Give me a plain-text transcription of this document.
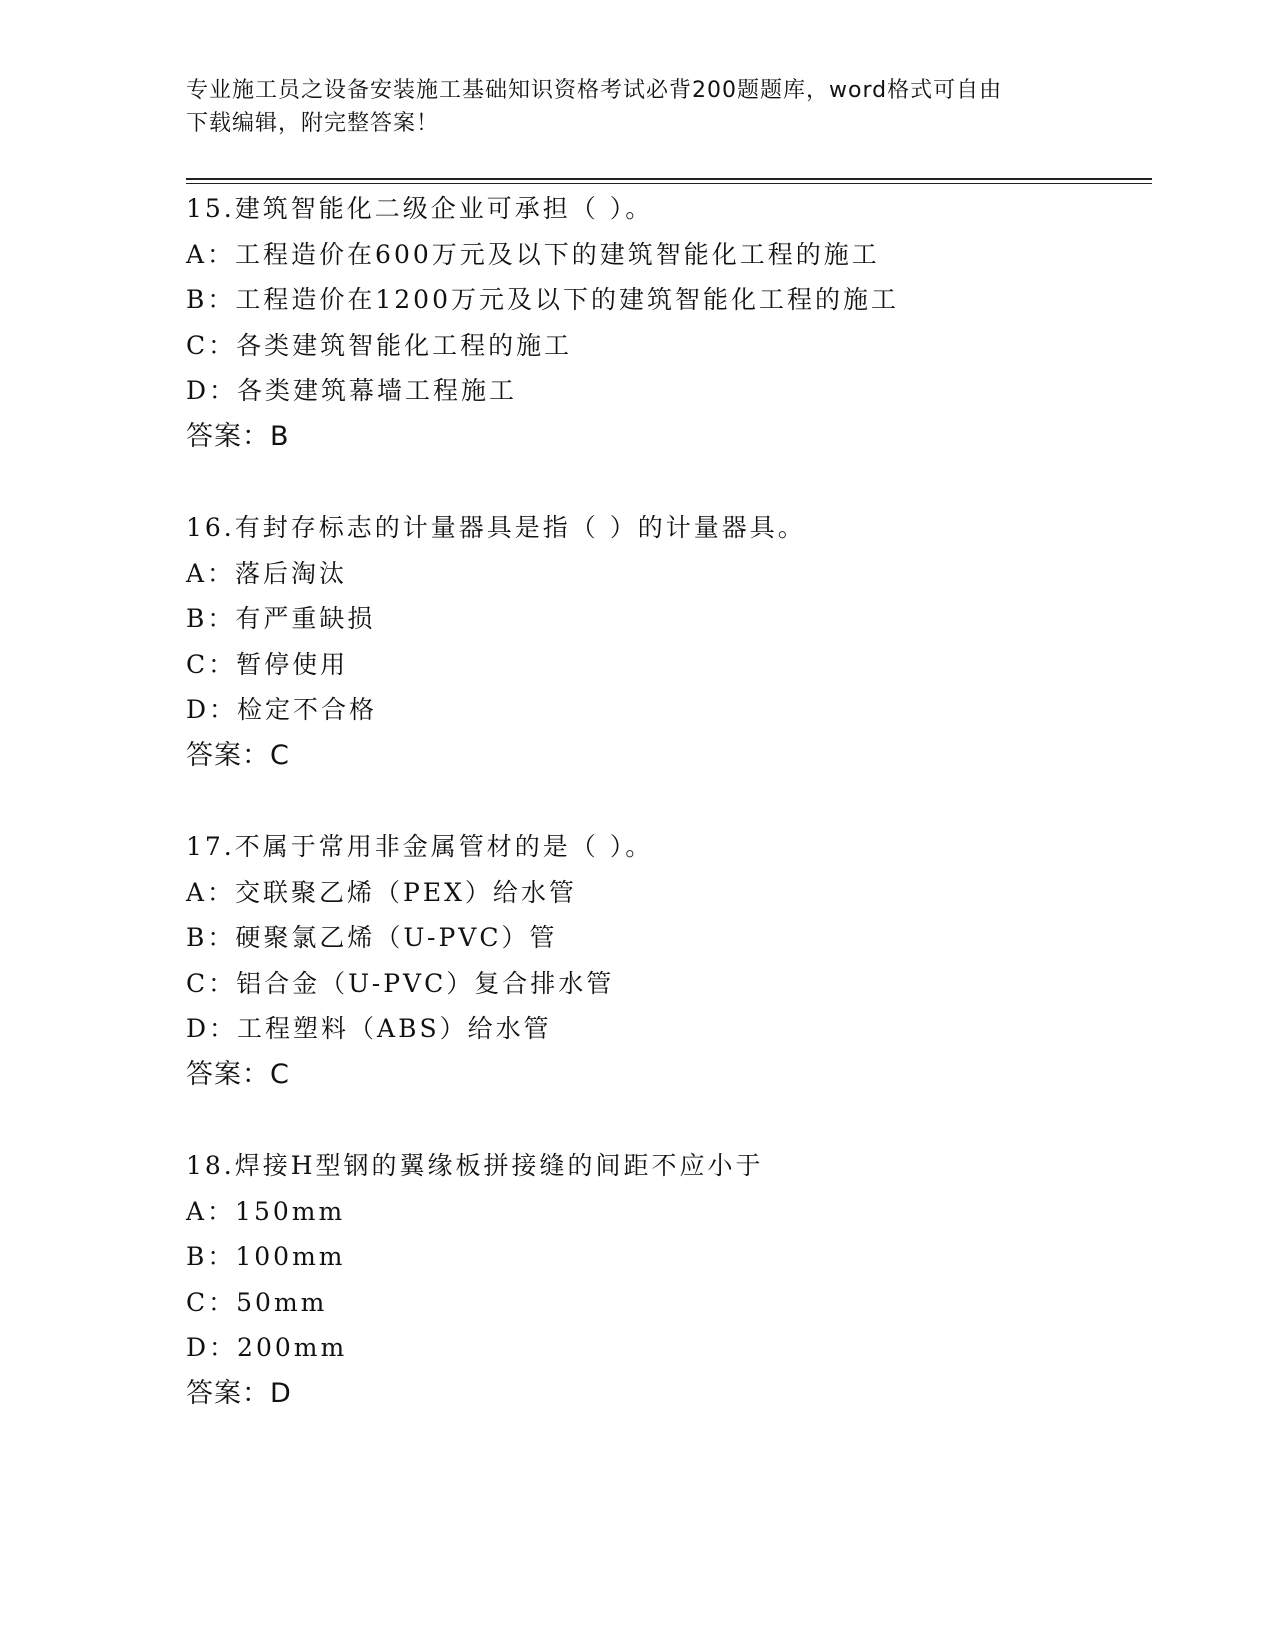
专业施工员之设备安装施工基础知识资格考试必背200题题库，word格式可自由
下载编辑，附完整答案！
15.建筑智能化二级企业可承担（ ）。
A：工程造价在600万元及以下的建筑智能化工程的施工
B：工程造价在1200万元及以下的建筑智能化工程的施工
C：各类建筑智能化工程的施工
D：各类建筑幕墙工程施工
答案：B
16.有封存标志的计量器具是指（ ）的计量器具。
A：落后淘汰
B：有严重缺损
C：暂停使用
D：检定不合格
答案：C
17.不属于常用非金属管材的是（ ）。
A：交联聚乙烯（PEX）给水管
B：硬聚氯乙烯（U-PVC）管
C：铝合金（U-PVC）复合排水管
D：工程塑料（ABS）给水管
答案：C
18.焊接H型钢的翼缘板拼接缝的间距不应小于
A：150mm
B：100mm
C：50mm
D：200mm
答案：D
